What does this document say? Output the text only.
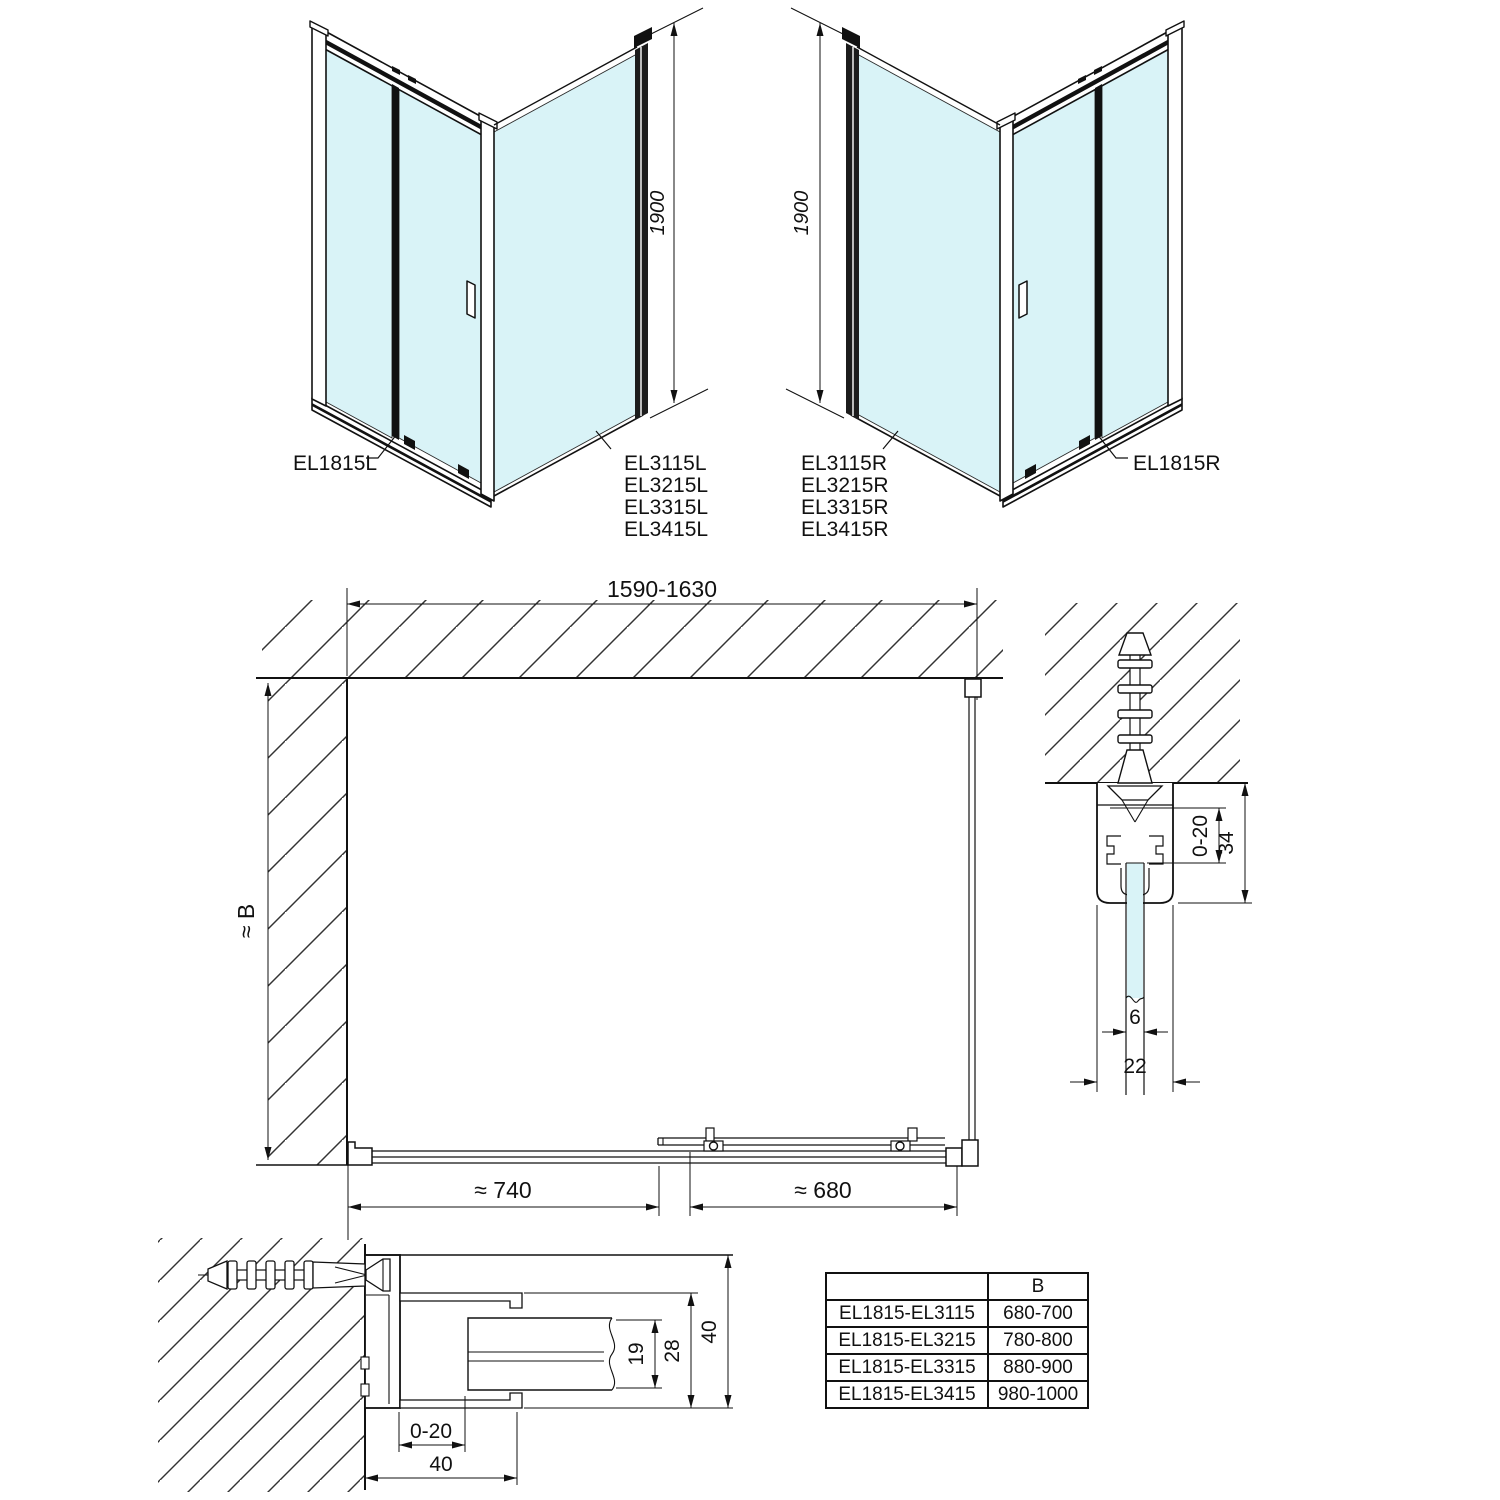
1900
EL1815L	EL3115L
EL3215L
EL3315L
EL3415L
1900
EL1815R
EL3115R
EL3215R
EL3315R
EL3415R
1590-1630
≈ B
≈ 740	≈ 680
0-20 34
6
22
19 28
40
0-20
40
	B
EL1815-EL3115	680-700
EL1815-EL3215	780-800
EL1815-EL3315	880-900
EL1815-EL3415	980-1000
